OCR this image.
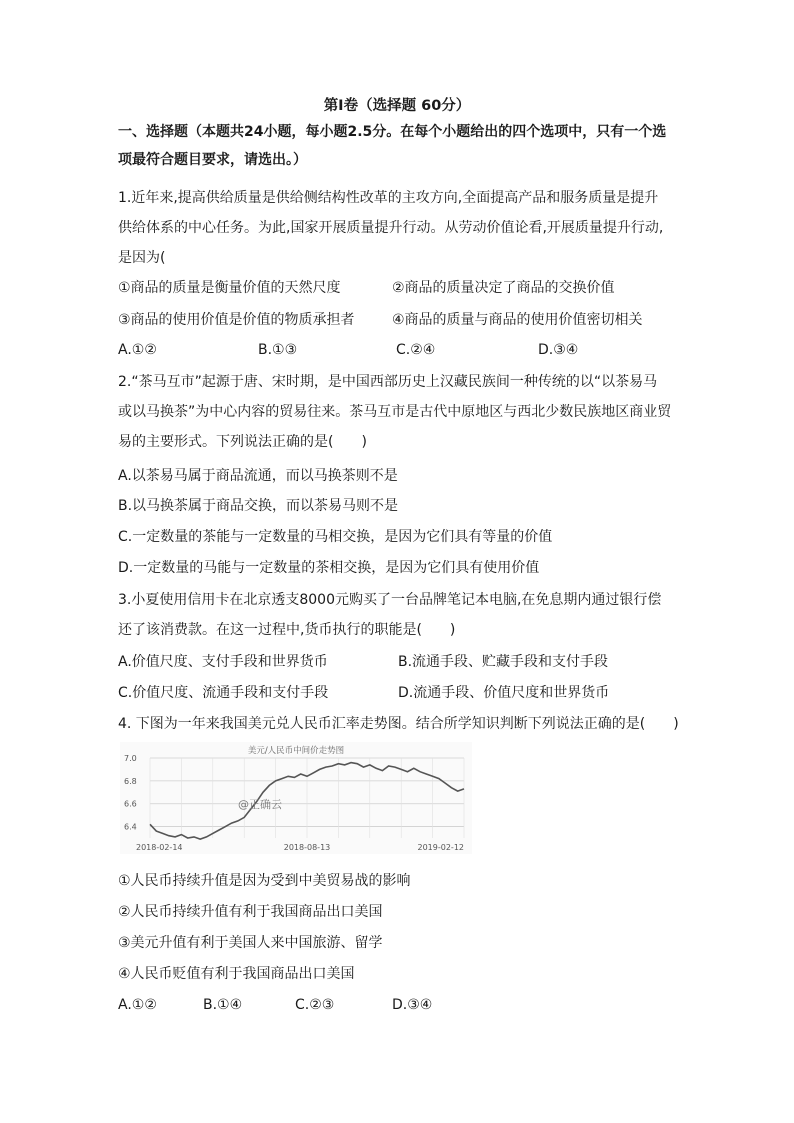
第Ⅰ卷（选择题 60分）
一、选择题（本题共24小题，每小题2.5分。在每个小题给出的四个选项中，只有一个选
项最符合题目要求，请选出。）
1.近年来,提高供给质量是供给侧结构性改革的主攻方向,全面提高产品和服务质量是提升
供给体系的中心任务。为此,国家开展质量提升行动。从劳动价值论看,开展质量提升行动,
是因为(
①商品的质量是衡量价值的天然尺度	②商品的质量决定了商品的交换价值
③商品的使用价值是价值的物质承担者	④商品的质量与商品的使用价值密切相关
A.①②	B.①③	C.②④	D.③④
2.“茶马互市”起源于唐、宋时期，是中国西部历史上汉藏民族间一种传统的以“以茶易马
或以马换茶”为中心内容的贸易往来。茶马互市是古代中原地区与西北少数民族地区商业贸
易的主要形式。下列说法正确的是(　　)
A.以茶易马属于商品流通，而以马换茶则不是
B.以马换茶属于商品交换，而以茶易马则不是
C.一定数量的茶能与一定数量的马相交换，是因为它们具有等量的价值
D.一定数量的马能与一定数量的茶相交换，是因为它们具有使用价值
3.小夏使用信用卡在北京透支8000元购买了一台品牌笔记本电脑,在免息期内通过银行偿
还了该消费款。在这一过程中,货币执行的职能是(　　)
A.价值尺度、支付手段和世界货币	B.流通手段、贮藏手段和支付手段
C.价值尺度、流通手段和支付手段	D.流通手段、价值尺度和世界货币
4. 下图为一年来我国美元兑人民币汇率走势图。结合所学知识判断下列说法正确的是(　　)
美元/人民币中间价走势图
7.0
6.8
6.6
6.4
2018-02-14	2018-08-13	2019-02-12
@正确云
①人民币持续升值是因为受到中美贸易战的影响
②人民币持续升值有利于我国商品出口美国
③美元升值有利于美国人来中国旅游、留学
④人民币贬值有利于我国商品出口美国
A.①②	B.①④	C.②③	D.③④
